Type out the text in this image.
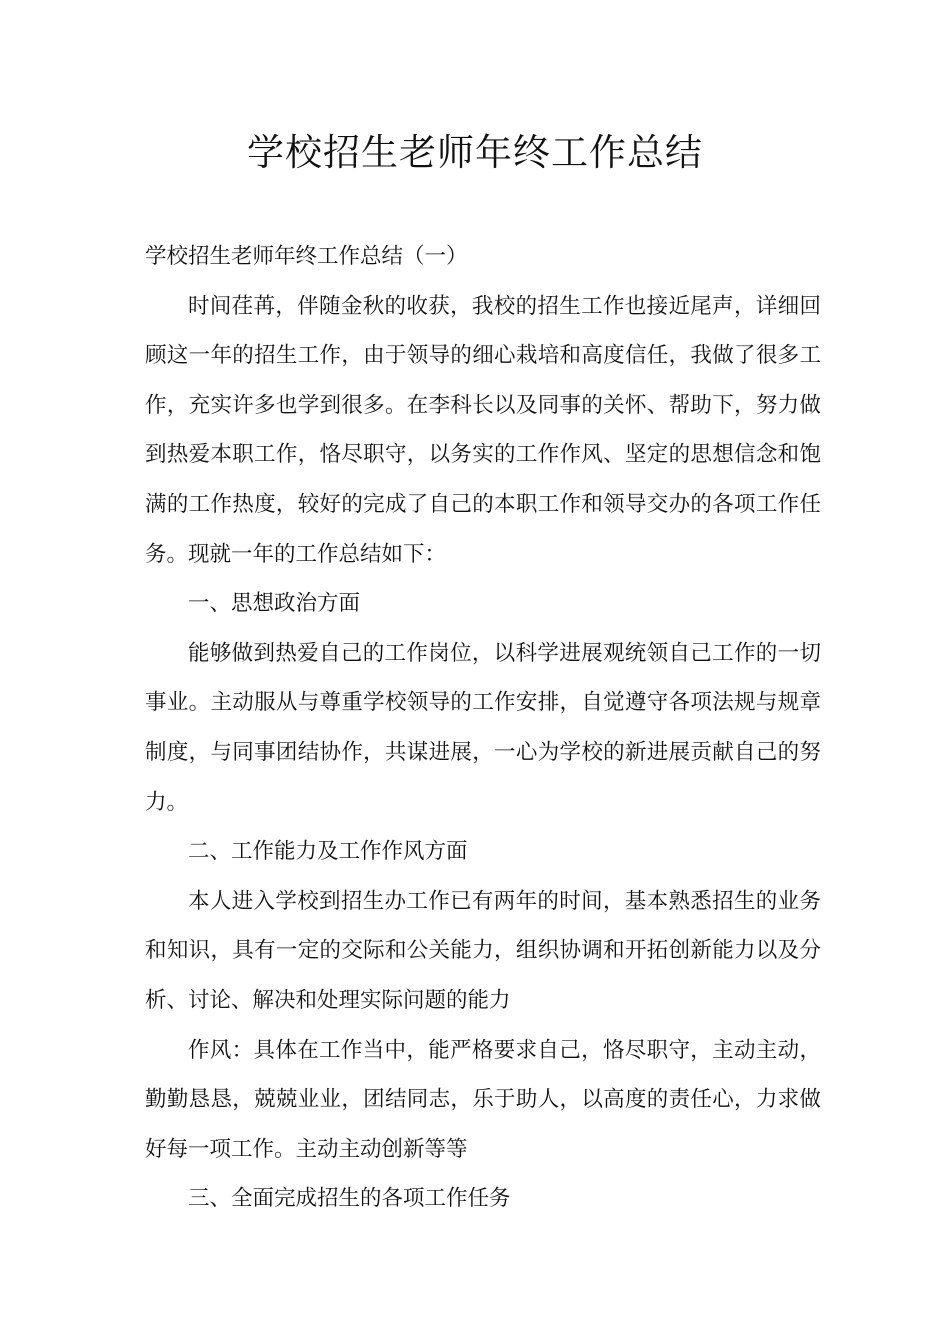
学校招生老师年终工作总结

学校招生老师年终工作总结（一）

时间荏苒，伴随金秋的收获，我校的招生工作也接近尾声，详细回顾这一年的招生工作，由于领导的细心栽培和高度信任，我做了很多工作，充实许多也学到很多。在李科长以及同事的关怀、帮助下，努力做到热爱本职工作，恪尽职守，以务实的工作作风、坚定的思想信念和饱满的工作热度，较好的完成了自己的本职工作和领导交办的各项工作任务。现就一年的工作总结如下：

一、思想政治方面

能够做到热爱自己的工作岗位，以科学进展观统领自己工作的一切事业。主动服从与尊重学校领导的工作安排，自觉遵守各项法规与规章制度，与同事团结协作，共谋进展，一心为学校的新进展贡献自己的努力。

二、工作能力及工作作风方面

本人进入学校到招生办工作已有两年的时间，基本熟悉招生的业务和知识，具有一定的交际和公关能力，组织协调和开拓创新能力以及分析、讨论、解决和处理实际问题的能力

作风：具体在工作当中，能严格要求自己，恪尽职守，主动主动，勤勤恳恳，兢兢业业，团结同志，乐于助人，以高度的责任心，力求做好每一项工作。主动主动创新等等

三、全面完成招生的各项工作任务
